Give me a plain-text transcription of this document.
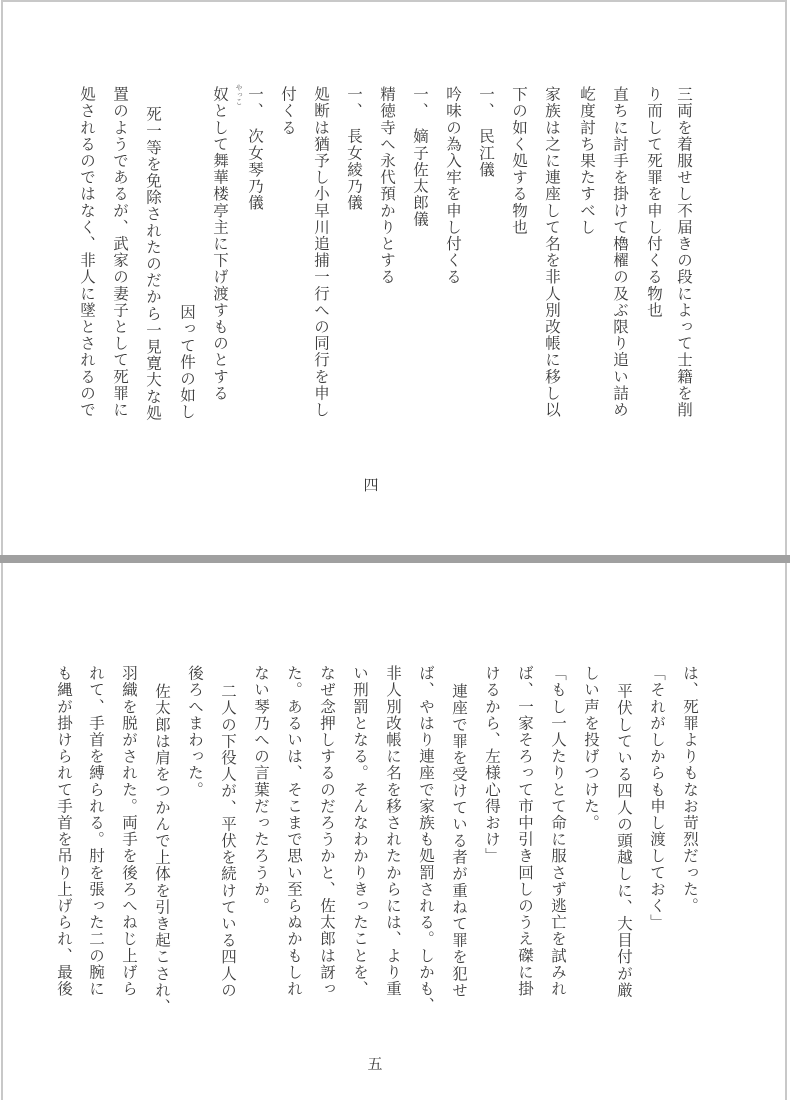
三両を着服せし不届きの段によって士籍を削
り而して死罪を申し付くる物也
直ちに討手を掛けて櫓櫂の及ぶ限り追い詰め
屹度討ち果たすべし
家族は之に連座して名を非人別改帳に移し以
下の如く処する物也
一、　民江儀
吟味の為入牢を申し付くる
一、　嫡子佐太郎儀
精徳寺へ永代預かりとする
一、　長女綾乃儀
処断は猶予し小早川追捕一行への同行を申し
付くる
一、　次女琴乃儀
奴として舞華楼亭主に下げ渡すものとする やっこ
因って件の如し
死一等を免除されたのだから一見寛大な処
置のようであるが、武家の妻子として死罪に
処されるのではなく、非人に墜とされるので
四
は、死罪よりもなお苛烈だった。
「それがしからも申し渡しておく」
平伏している四人の頭越しに、大目付が厳
しい声を投げつけた。
「もし一人たりとて命に服さず逃亡を試みれ
ば、一家そろって市中引き回しのうえ磔に掛
けるから、左様心得おけ」
連座で罪を受けている者が重ねて罪を犯せ
ば、やはり連座で家族も処罰される。しかも、
非人別改帳に名を移されたからには、より重
い刑罰となる。そんなわかりきったことを、
なぜ念押しするのだろうかと、佐太郎は訝っ
た。あるいは、そこまで思い至らぬかもしれ
ない琴乃への言葉だったろうか。
二人の下役人が、平伏を続けている四人の
後ろへまわった。
佐太郎は肩をつかんで上体を引き起こされ、
羽織を脱がされた。両手を後ろへねじ上げら
れて、手首を縛られる。肘を張った二の腕に
も縄が掛けられて手首を吊り上げられ、最後
五
